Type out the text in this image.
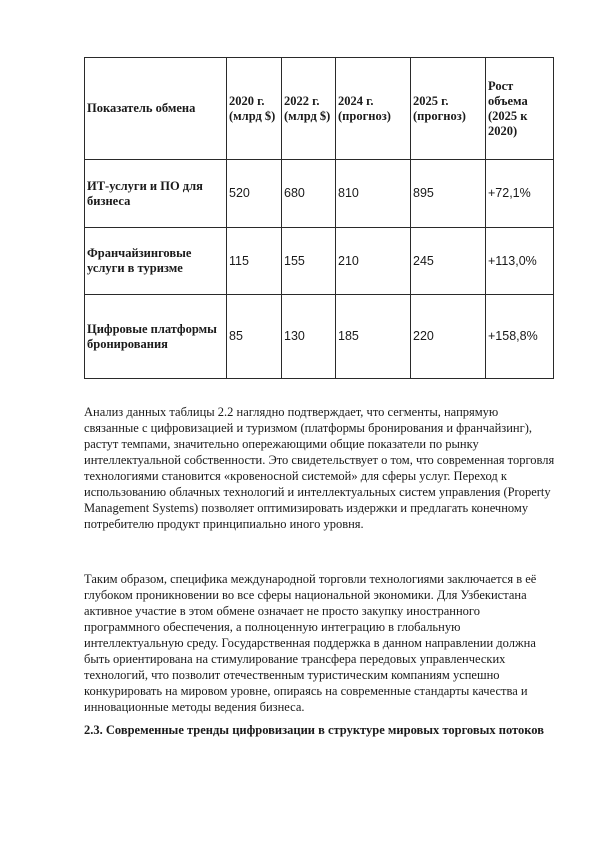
Показатель обмена	2020 г. (млрд $)	2022 г. (млрд $)	2024 г. (прогноз)	2025 г. (прогноз)	Рост объема (2025 к 2020)
ИТ-услуги и ПО для бизнеса	520	680	810	895	+72,1%
Франчайзинговые услуги в туризме	115	155	210	245	+113,0%
Цифровые платформы бронирования	85	130	185	220	+158,8%

Анализ данных таблицы 2.2 наглядно подтверждает, что сегменты, напрямую связанные с цифровизацией и туризмом (платформы бронирования и франчайзинг), растут темпами, значительно опережающими общие показатели по рынку интеллектуальной собственности. Это свидетельствует о том, что современная торговля технологиями становится «кровеносной системой» для сферы услуг. Переход к использованию облачных технологий и интеллектуальных систем управления (Property Management Systems) позволяет оптимизировать издержки и предлагать конечному потребителю продукт принципиально иного уровня.

Таким образом, специфика международной торговли технологиями заключается в её глубоком проникновении во все сферы национальной экономики. Для Узбекистана активное участие в этом обмене означает не просто закупку иностранного программного обеспечения, а полноценную интеграцию в глобальную интеллектуальную среду. Государственная поддержка в данном направлении должна быть ориентирована на стимулирование трансфера передовых управленческих технологий, что позволит отечественным туристическим компаниям успешно конкурировать на мировом уровне, опираясь на современные стандарты качества и инновационные методы ведения бизнеса.

2.3. Современные тренды цифровизации в структуре мировых торговых потоков
